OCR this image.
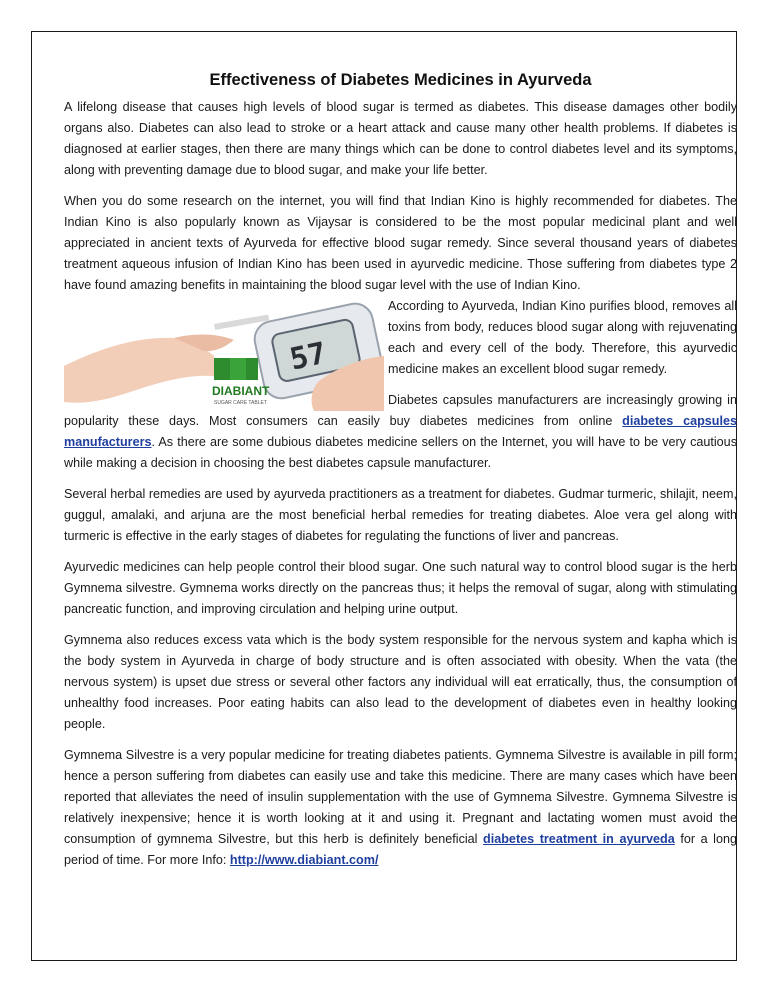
Effectiveness of Diabetes Medicines in Ayurveda

A lifelong disease that causes high levels of blood sugar is termed as diabetes. This disease damages other bodily organs also. Diabetes can also lead to stroke or a heart attack and cause many other health problems. If diabetes is diagnosed at earlier stages, then there are many things which can be done to control diabetes level and its symptoms, along with preventing damage due to blood sugar, and make your life better.

When you do some research on the internet, you will find that Indian Kino is highly recommended for diabetes. The Indian Kino is also popularly known as Vijaysar is considered to be the most popular medicinal plant and well appreciated in ancient texts of Ayurveda for effective blood sugar remedy. Since several thousand years of diabetes treatment aqueous infusion of Indian Kino has been used in ayurvedic medicine. Those suffering from diabetes type 2 have found amazing benefits in maintaining the blood sugar level with the use of Indian Kino.

57
DIABIANT
SUGAR CARE TABLET

According to Ayurveda, Indian Kino purifies blood, removes all toxins from body, reduces blood sugar along with rejuvenating each and every cell of the body. Therefore, this ayurvedic medicine makes an excellent blood sugar remedy.

Diabetes capsules manufacturers are increasingly growing in popularity these days. Most consumers can easily buy diabetes medicines from online diabetes capsules manufacturers. As there are some dubious diabetes medicine sellers on the Internet, you will have to be very cautious while making a decision in choosing the best diabetes capsule manufacturer.

Several herbal remedies are used by ayurveda practitioners as a treatment for diabetes. Gudmar turmeric, shilajit, neem, guggul, amalaki, and arjuna are the most beneficial herbal remedies for treating diabetes. Aloe vera gel along with turmeric is effective in the early stages of diabetes for regulating the functions of liver and pancreas.

Ayurvedic medicines can help people control their blood sugar. One such natural way to control blood sugar is the herb Gymnema silvestre. Gymnema works directly on the pancreas thus; it helps the removal of sugar, along with stimulating pancreatic function, and improving circulation and helping urine output.

Gymnema also reduces excess vata which is the body system responsible for the nervous system and kapha which is the body system in Ayurveda in charge of body structure and is often associated with obesity. When the vata (the nervous system) is upset due stress or several other factors any individual will eat erratically, thus, the consumption of unhealthy food increases. Poor eating habits can also lead to the development of diabetes even in healthy looking people.

Gymnema Silvestre is a very popular medicine for treating diabetes patients. Gymnema Silvestre is available in pill form; hence a person suffering from diabetes can easily use and take this medicine. There are many cases which have been reported that alleviates the need of insulin supplementation with the use of Gymnema Silvestre. Gymnema Silvestre is relatively inexpensive; hence it is worth looking at it and using it. Pregnant and lactating women must avoid the consumption of gymnema Silvestre, but this herb is definitely beneficial diabetes treatment in ayurveda for a long period of time. For more Info: http://www.diabiant.com/
